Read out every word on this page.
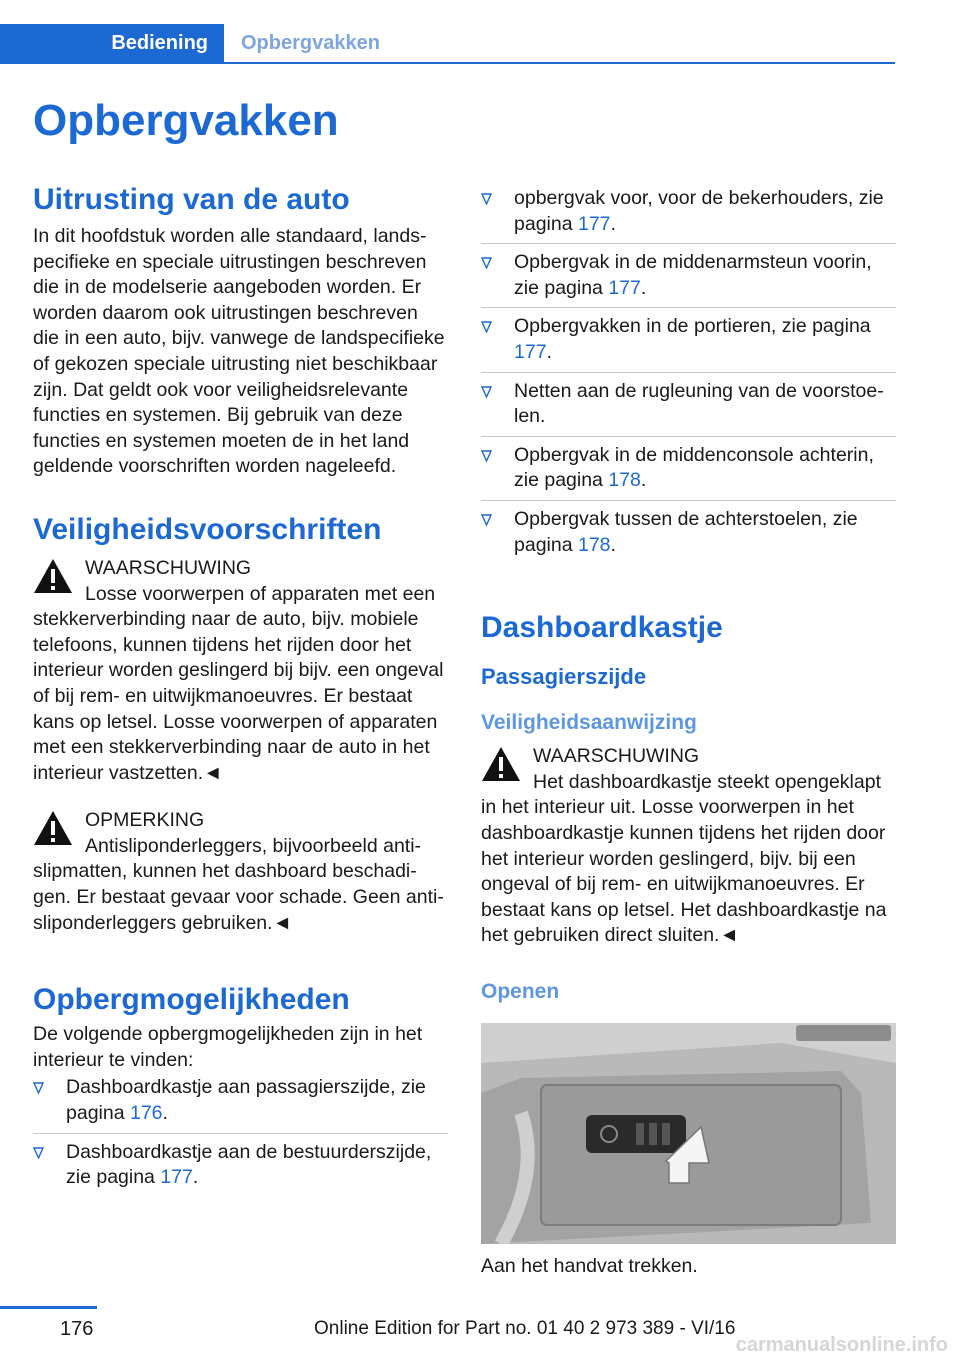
Bediening	Opbergvakken
Opbergvakken
Uitrusting van de auto

In dit hoofdstuk worden alle standaard, landspecifieke en speciale uitrustingen beschreven die in de modelserie aangeboden worden. Er worden daarom ook uitrustingen beschreven die in een auto, bijv. vanwege de landspecifieke of gekozen speciale uitrusting niet beschikbaar zijn. Dat geldt ook voor veiligheidsrelevante functies en systemen. Bij gebruik van deze functies en systemen moeten de in het land geldende voorschriften worden nageleefd.

Veiligheidsvoorschriften

WAARSCHUWING

Losse voorwerpen of apparaten met een stekkerverbinding naar de auto, bijv. mobiele telefoons, kunnen tijdens het rijden door het interieur worden geslingerd bij bijv. een ongeval of bij rem- en uitwijkmanoeuvres. Er bestaat kans op letsel. Losse voorwerpen of apparaten met een stekkerverbinding naar de auto in het interieur vastzetten.◄

OPMERKING

Antisliponderleggers, bijvoorbeeld antislipmatten, kunnen het dashboard beschadigen. Er bestaat gevaar voor schade. Geen antisliponderleggers gebruiken.◄

Opbergmogelijkheden

De volgende opbergmogelijkheden zijn in het interieur te vinden:

Dashboardkastje aan passagierszijde, zie pagina 176.
Dashboardkastje aan de bestuurderszijde, zie pagina 177.
opbergvak voor, voor de bekerhouders, zie pagina 177.
Opbergvak in de middenarmsteun voorin, zie pagina 177.
Opbergvakken in de portieren, zie pagina 177.
Netten aan de rugleuning van de voorstoelen.
Opbergvak in de middenconsole achterin, zie pagina 178.
Opbergvak tussen de achterstoelen, zie pagina 178.
Dashboardkastje
Passagierszijde
Veiligheidsaanwijzing

WAARSCHUWING

Het dashboardkastje steekt opengeklapt in het interieur uit. Losse voorwerpen in het dashboardkastje kunnen tijdens het rijden door het interieur worden geslingerd, bijv. bij een ongeval of bij rem- en uitwijkmanoeuvres. Er bestaat kans op letsel. Het dashboardkastje na het gebruiken direct sluiten.◄

Openen

Aan het handvat trekken.

176	Online Edition for Part no. 01 40 2 973 389 - VI/16
carmanualsonline.info
